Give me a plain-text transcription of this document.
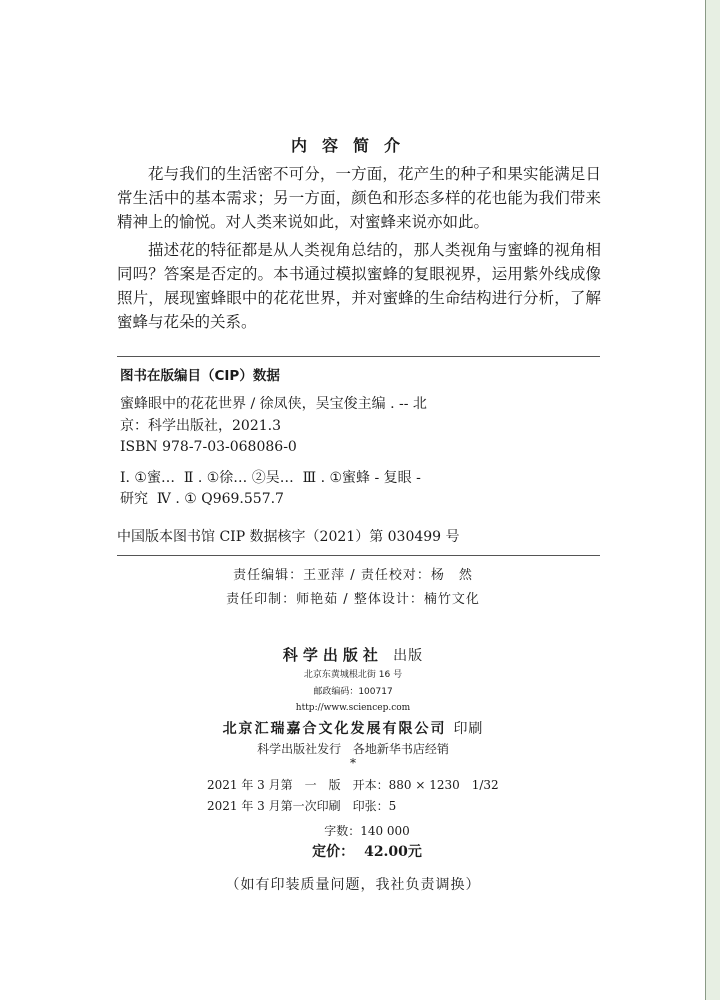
内容简介
花与我们的生活密不可分，一方面，花产生的种子和果实能满足日常生活中的基本需求；另一方面，颜色和形态多样的花也能为我们带来精神上的愉悦。对人类来说如此，对蜜蜂来说亦如此。
描述花的特征都是从人类视角总结的，那人类视角与蜜蜂的视角相同吗？答案是否定的。本书通过模拟蜜蜂的复眼视界，运用紫外线成像照片，展现蜜蜂眼中的花花世界，并对蜜蜂的生命结构进行分析，了解蜜蜂与花朵的关系。
图书在版编目（CIP）数据
蜜蜂眼中的花花世界 / 徐凤侠，吴宝俊主编 . -- 北
京：科学出版社，2021.3
ISBN 978-7-03-068086-0
I. ①蜜…  Ⅱ . ①徐… ②吴…  Ⅲ . ①蜜蜂 - 复眼 -
研究  Ⅳ . ① Q969.557.7
中国版本图书馆 CIP 数据核字（2021）第 030499 号
责任编辑：王亚萍 / 责任校对：杨　然
责任印制：师艳茹 / 整体设计：楠竹文化
科学出版社 出版
北京东黄城根北街 16 号
邮政编码：100717
http://www.sciencep.com
北京汇瑞嘉合文化发展有限公司 印刷
科学出版社发行 各地新华书店经销
*
2021 年 3 月第　一　版　开本：880 × 1230　1/32
2021 年 3 月第一次印刷　印张：5
字数：140 000
定价： 42.00元
（如有印装质量问题，我社负责调换）
